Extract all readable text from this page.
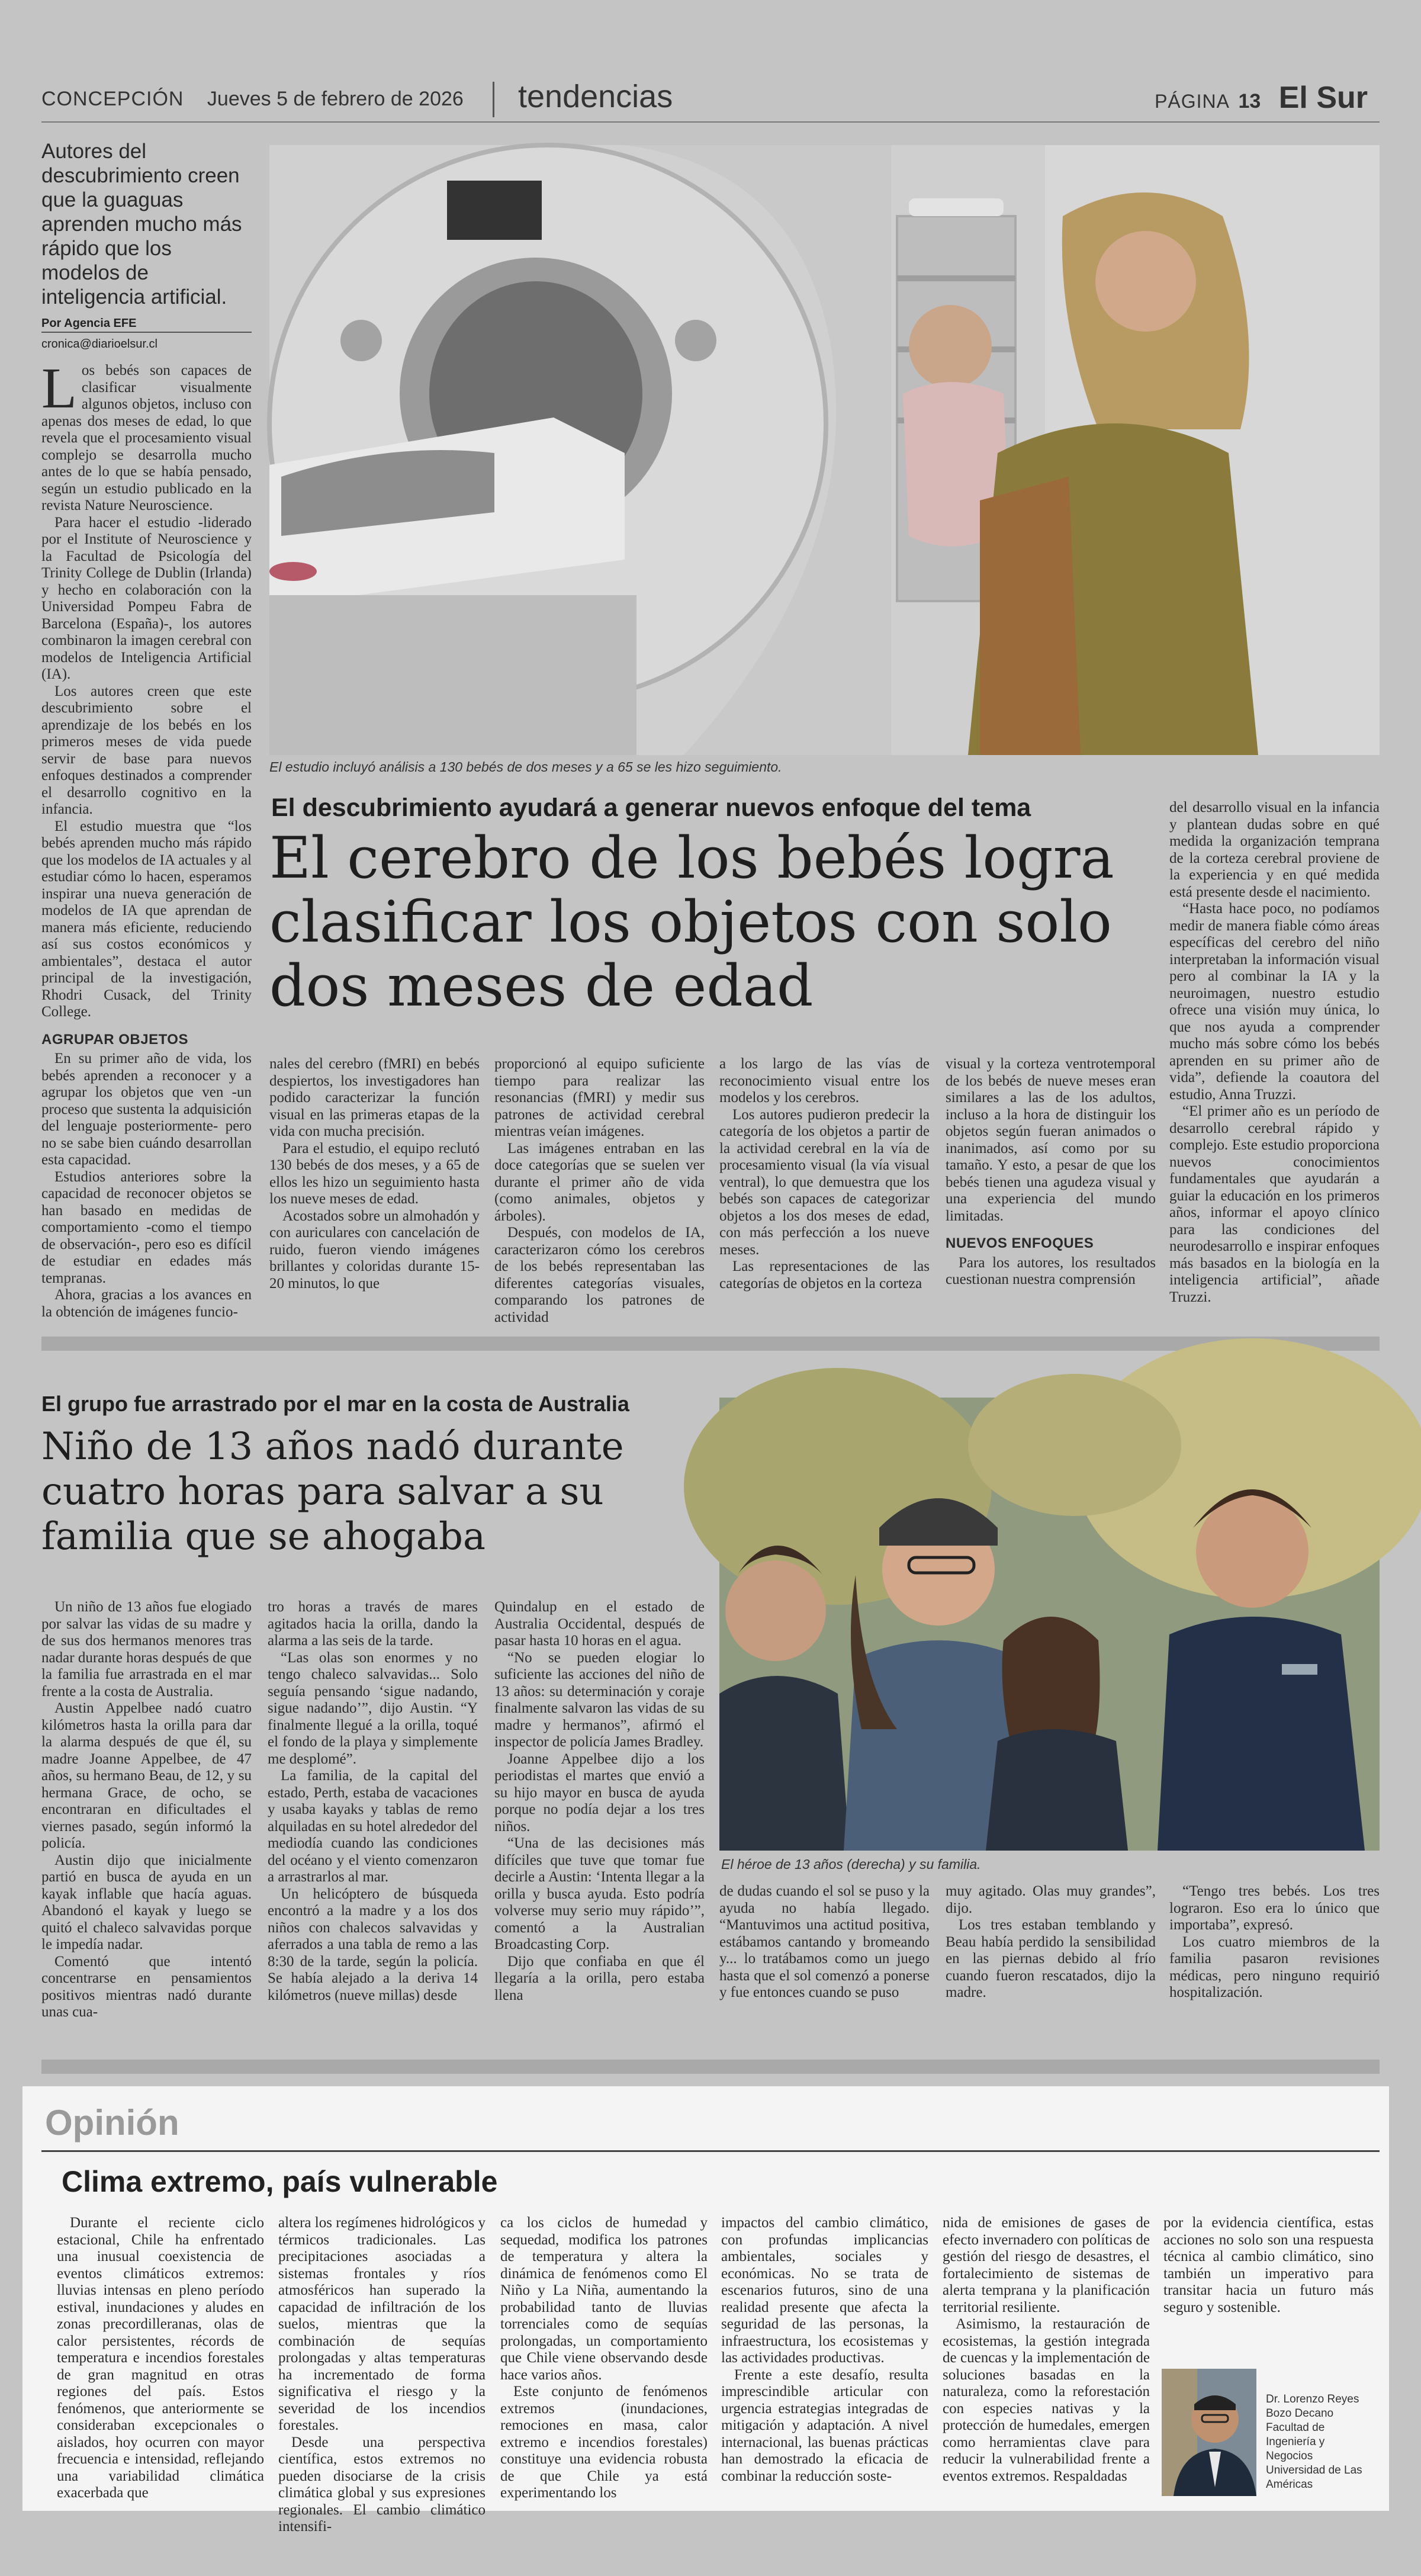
CONCEPCIÓN Jueves 5 de febrero de 2026 tendencias	PÁGINA 13 El Sur
Autores del descubrimiento creen que la guaguas aprenden mucho más rápido que los modelos de inteligencia artificial.
Por Agencia EFE
cronica@diarioelsur.cl

Los bebés son capaces de clasificar visualmente algunos objetos, incluso con apenas dos meses de edad, lo que revela que el procesamiento visual complejo se desarrolla mucho antes de lo que se había pensado, según un estudio publicado en la revista Nature Neuroscience.

Para hacer el estudio -liderado por el Institute of Neuroscience y la Facultad de Psicología del Trinity College de Dublin (Irlanda) y hecho en colaboración con la Universidad Pompeu Fabra de Barcelona (España)-, los autores combinaron la imagen cerebral con modelos de Inteligencia Artificial (IA).

Los autores creen que este descubrimiento sobre el aprendizaje de los bebés en los primeros meses de vida puede servir de base para nuevos enfoques destinados a comprender el desarrollo cognitivo en la infancia.

El estudio muestra que “los bebés aprenden mucho más rápido que los modelos de IA actuales y al estudiar cómo lo hacen, esperamos inspirar una nueva generación de modelos de IA que aprendan de manera más eficiente, reduciendo así sus costos económicos y ambientales”, destaca el autor principal de la investigación, Rhodri Cusack, del Trinity College.

AGRUPAR OBJETOS

En su primer año de vida, los bebés aprenden a reconocer y a agrupar los objetos que ven -un proceso que sustenta la adquisición del lenguaje posteriormente- pero no se sabe bien cuándo desarrollan esta capacidad.

Estudios anteriores sobre la capacidad de reconocer objetos se han basado en medidas de comportamiento -como el tiempo de observación-, pero eso es difícil de estudiar en edades más tempranas.

Ahora, gracias a los avances en la obtención de imágenes funcio-

El estudio incluyó análisis a 130 bebés de dos meses y a 65 se les hizo seguimiento.
El descubrimiento ayudará a generar nuevos enfoque del tema
El cerebro de los bebés logra clasificar los objetos con solo dos meses de edad

nales del cerebro (fMRI) en bebés despiertos, los investigadores han podido caracterizar la función visual en las primeras etapas de la vida con mucha precisión.

Para el estudio, el equipo reclutó 130 bebés de dos meses, y a 65 de ellos les hizo un seguimiento hasta los nueve meses de edad.

Acostados sobre un almohadón y con auriculares con cancelación de ruido, fueron viendo imágenes brillantes y coloridas durante 15-20 minutos, lo que

proporcionó al equipo suficiente tiempo para realizar las resonancias (fMRI) y medir sus patrones de actividad cerebral mientras veían imágenes.

Las imágenes entraban en las doce categorías que se suelen ver durante el primer año de vida (como animales, objetos y árboles).

Después, con modelos de IA, caracterizaron cómo los cerebros de los bebés representaban las diferentes categorías visuales, comparando los patrones de actividad

a los largo de las vías de reconocimiento visual entre los modelos y los cerebros.

Los autores pudieron predecir la categoría de los objetos a partir de la actividad cerebral en la vía de procesamiento visual (la vía visual ventral), lo que demuestra que los bebés son capaces de categorizar objetos a los dos meses de edad, con más perfección a los nueve meses.

Las representaciones de las categorías de objetos en la corteza

visual y la corteza ventrotemporal de los bebés de nueve meses eran similares a las de los adultos, incluso a la hora de distinguir los objetos según fueran animados o inanimados, así como por su tamaño. Y esto, a pesar de que los bebés tienen una agudeza visual y una experiencia del mundo limitadas.

NUEVOS ENFOQUES

Para los autores, los resultados cuestionan nuestra comprensión

del desarrollo visual en la infancia y plantean dudas sobre en qué medida la organización temprana de la corteza cerebral proviene de la experiencia y en qué medida está presente desde el nacimiento.

“Hasta hace poco, no podíamos medir de manera fiable cómo áreas específicas del cerebro del niño interpretaban la información visual pero al combinar la IA y la neuroimagen, nuestro estudio ofrece una visión muy única, lo que nos ayuda a comprender mucho más sobre cómo los bebés aprenden en su primer año de vida”, defiende la coautora del estudio, Anna Truzzi.

“El primer año es un período de desarrollo cerebral rápido y complejo. Este estudio proporciona nuevos conocimientos fundamentales que ayudarán a guiar la educación en los primeros años, informar el apoyo clínico para las condiciones del neurodesarrollo e inspirar enfoques más basados en la biología en la inteligencia artificial”, añade Truzzi.

El grupo fue arrastrado por el mar en la costa de Australia
Niño de 13 años nadó durante cuatro horas para salvar a su familia que se ahogaba

Un niño de 13 años fue elogiado por salvar las vidas de su madre y de sus dos hermanos menores tras nadar durante horas después de que la familia fue arrastrada en el mar frente a la costa de Australia.

Austin Appelbee nadó cuatro kilómetros hasta la orilla para dar la alarma después de que él, su madre Joanne Appelbee, de 47 años, su hermano Beau, de 12, y su hermana Grace, de ocho, se encontraran en dificultades el viernes pasado, según informó la policía.

Austin dijo que inicialmente partió en busca de ayuda en un kayak inflable que hacía aguas. Abandonó el kayak y luego se quitó el chaleco salvavidas porque le impedía nadar.

Comentó que intentó concentrarse en pensamientos positivos mientras nadó durante unas cua-

tro horas a través de mares agitados hacia la orilla, dando la alarma a las seis de la tarde.

“Las olas son enormes y no tengo chaleco salvavidas... Solo seguía pensando ‘sigue nadando, sigue nadando’”, dijo Austin. “Y finalmente llegué a la orilla, toqué el fondo de la playa y simplemente me desplomé”.

La familia, de la capital del estado, Perth, estaba de vacaciones y usaba kayaks y tablas de remo alquiladas en su hotel alrededor del mediodía cuando las condiciones del océano y el viento comenzaron a arrastrarlos al mar.

Un helicóptero de búsqueda encontró a la madre y a los dos niños con chalecos salvavidas y aferrados a una tabla de remo a las 8:30 de la tarde, según la policía. Se había alejado a la deriva 14 kilómetros (nueve millas) desde

Quindalup en el estado de Australia Occidental, después de pasar hasta 10 horas en el agua.

“No se pueden elogiar lo suficiente las acciones del niño de 13 años: su determinación y coraje finalmente salvaron las vidas de su madre y hermanos”, afirmó el inspector de policía James Bradley.

Joanne Appelbee dijo a los periodistas el martes que envió a su hijo mayor en busca de ayuda porque no podía dejar a los tres niños.

“Una de las decisiones más difíciles que tuve que tomar fue decirle a Austin: ‘Intenta llegar a la orilla y busca ayuda. Esto podría volverse muy serio muy rápido’”, comentó a la Australian Broadcasting Corp.

Dijo que confiaba en que él llegaría a la orilla, pero estaba llena

El héroe de 13 años (derecha) y su familia.

de dudas cuando el sol se puso y la ayuda no había llegado. “Mantuvimos una actitud positiva, estábamos cantando y bromeando y... lo tratábamos como un juego hasta que el sol comenzó a ponerse y fue entonces cuando se puso

muy agitado. Olas muy grandes”, dijo.

Los tres estaban temblando y Beau había perdido la sensibilidad en las piernas debido al frío cuando fueron rescatados, dijo la madre.

“Tengo tres bebés. Los tres lograron. Eso era lo único que importaba”, expresó.

Los cuatro miembros de la familia pasaron revisiones médicas, pero ninguno requirió hospitalización.

Opinión
Clima extremo, país vulnerable

Durante el reciente ciclo estacional, Chile ha enfrentado una inusual coexistencia de eventos climáticos extremos: lluvias intensas en pleno período estival, inundaciones y aludes en zonas precordilleranas, olas de calor persistentes, récords de temperatura e incendios forestales de gran magnitud en otras regiones del país. Estos fenómenos, que anteriormente se consideraban excepcionales o aislados, hoy ocurren con mayor frecuencia e intensidad, reflejando una variabilidad climática exacerbada que

altera los regímenes hidrológicos y térmicos tradicionales. Las precipitaciones asociadas a sistemas frontales y ríos atmosféricos han superado la capacidad de infiltración de los suelos, mientras que la combinación de sequías prolongadas y altas temperaturas ha incrementado de forma significativa el riesgo y la severidad de los incendios forestales.

Desde una perspectiva científica, estos extremos no pueden disociarse de la crisis climática global y sus expresiones regionales. El cambio climático intensifi-

ca los ciclos de humedad y sequedad, modifica los patrones de temperatura y altera la dinámica de fenómenos como El Niño y La Niña, aumentando la probabilidad tanto de lluvias torrenciales como de sequías prolongadas, un comportamiento que Chile viene observando desde hace varios años.

Este conjunto de fenómenos extremos (inundaciones, remociones en masa, calor extremo e incendios forestales) constituye una evidencia robusta de que Chile ya está experimentando los

impactos del cambio climático, con profundas implicancias ambientales, sociales y económicas. No se trata de escenarios futuros, sino de una realidad presente que afecta la seguridad de las personas, la infraestructura, los ecosistemas y las actividades productivas.

Frente a este desafío, resulta imprescindible articular con urgencia estrategias integradas de mitigación y adaptación. A nivel internacional, las buenas prácticas han demostrado la eficacia de combinar la reducción soste-

nida de emisiones de gases de efecto invernadero con políticas de gestión del riesgo de desastres, el fortalecimiento de sistemas de alerta temprana y la planificación territorial resiliente.

Asimismo, la restauración de ecosistemas, la gestión integrada de cuencas y la implementación de soluciones basadas en la naturaleza, como la reforestación con especies nativas y la protección de humedales, emergen como herramientas clave para reducir la vulnerabilidad frente a eventos extremos. Respaldadas

por la evidencia científica, estas acciones no solo son una respuesta técnica al cambio climático, sino también un imperativo para transitar hacia un futuro más seguro y sostenible.

Dr. Lorenzo Reyes Bozo Decano
Facultad de Ingeniería y Negocios Universidad de Las Américas
